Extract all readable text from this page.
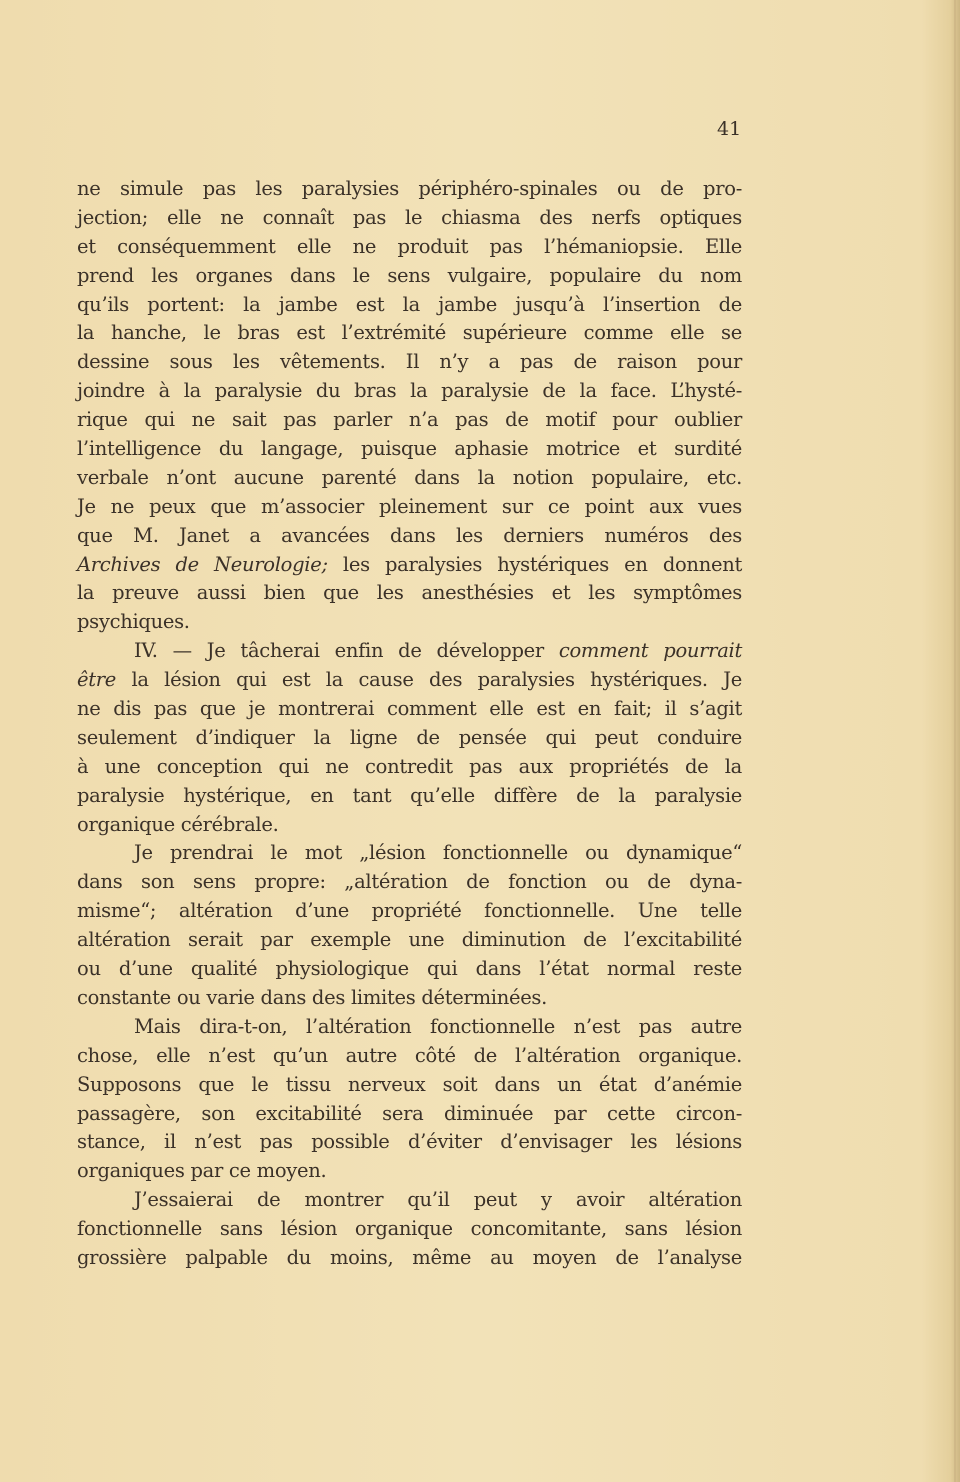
41
ne simule pas les paralysies périphéro-spinales ou de pro-
jection; elle ne connaît pas le chiasma des nerfs optiques
et conséquemment elle ne produit pas l’hémaniopsie. Elle
prend les organes dans le sens vulgaire, populaire du nom
qu’ils portent: la jambe est la jambe jusqu’à l’insertion de
la hanche, le bras est l’extrémité supérieure comme elle se
dessine sous les vêtements. Il n’y a pas de raison pour
joindre à la paralysie du bras la paralysie de la face. L’hysté-
rique qui ne sait pas parler n’a pas de motif pour oublier
l’intelligence du langage, puisque aphasie motrice et surdité
verbale n’ont aucune parenté dans la notion populaire, etc.
Je ne peux que m’associer pleinement sur ce point aux vues
que M. Janet a avancées dans les derniers numéros des
Archives de Neurologie; les paralysies hystériques en donnent
la preuve aussi bien que les anesthésies et les symptômes
psychiques.
IV. — Je tâcherai enfin de développer comment pourrait
être la lésion qui est la cause des paralysies hystériques. Je
ne dis pas que je montrerai comment elle est en fait; il s’agit
seulement d’indiquer la ligne de pensée qui peut conduire
à une conception qui ne contredit pas aux propriétés de la
paralysie hystérique, en tant qu’elle diffère de la paralysie
organique cérébrale.
Je prendrai le mot „lésion fonctionnelle ou dynamique“
dans son sens propre: „altération de fonction ou de dyna-
misme“; altération d’une propriété fonctionnelle. Une telle
altération serait par exemple une diminution de l’excitabilité
ou d’une qualité physiologique qui dans l’état normal reste
constante ou varie dans des limites déterminées.
Mais dira-t-on, l’altération fonctionnelle n’est pas autre
chose, elle n’est qu’un autre côté de l’altération organique.
Supposons que le tissu nerveux soit dans un état d’anémie
passagère, son excitabilité sera diminuée par cette circon-
stance, il n’est pas possible d’éviter d’envisager les lésions
organiques par ce moyen.
J’essaierai de montrer qu’il peut y avoir altération
fonctionnelle sans lésion organique concomitante, sans lésion
grossière palpable du moins, même au moyen de l’analyse
